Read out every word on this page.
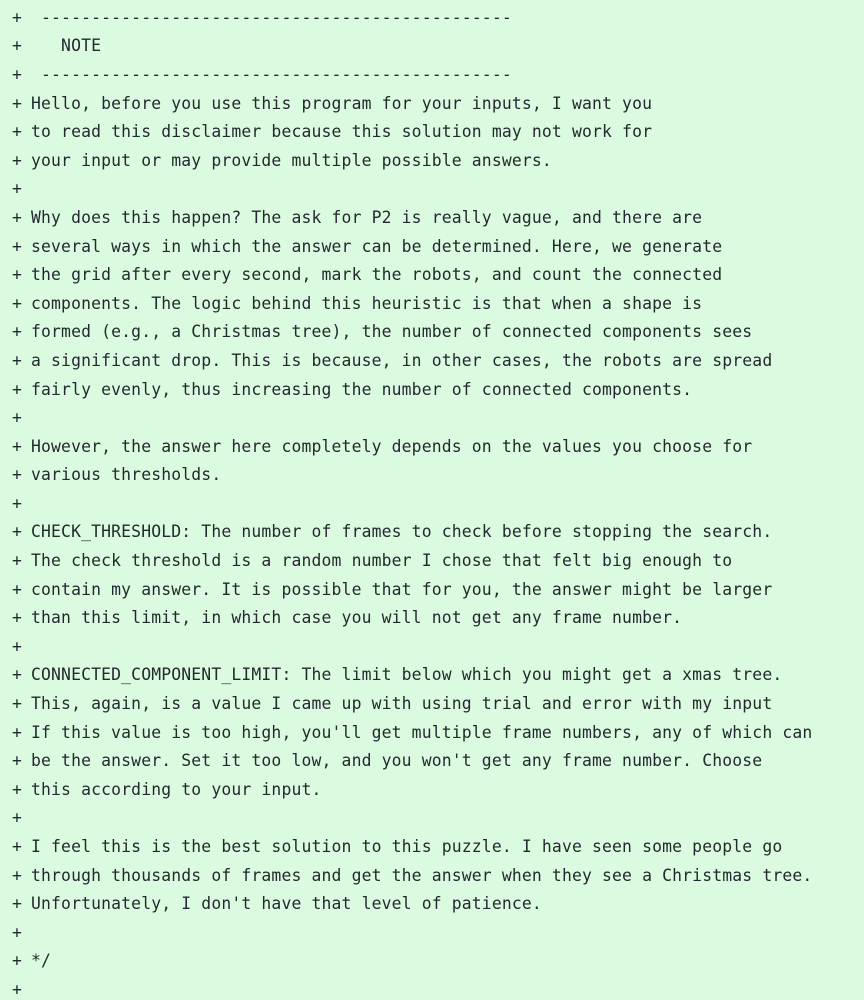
+ -----------------------------------------------
+ NOTE
+ -----------------------------------------------
+ Hello, before you use this program for your inputs, I want you
+ to read this disclaimer because this solution may not work for
+ your input or may provide multiple possible answers.
+
+ Why does this happen? The ask for P2 is really vague, and there are
+ several ways in which the answer can be determined. Here, we generate
+ the grid after every second, mark the robots, and count the connected
+ components. The logic behind this heuristic is that when a shape is
+ formed (e.g., a Christmas tree), the number of connected components sees
+ a significant drop. This is because, in other cases, the robots are spread
+ fairly evenly, thus increasing the number of connected components.
+
+ However, the answer here completely depends on the values you choose for
+ various thresholds.
+
+ CHECK_THRESHOLD: The number of frames to check before stopping the search.
+ The check threshold is a random number I chose that felt big enough to
+ contain my answer. It is possible that for you, the answer might be larger
+ than this limit, in which case you will not get any frame number.
+
+ CONNECTED_COMPONENT_LIMIT: The limit below which you might get a xmas tree.
+ This, again, is a value I came up with using trial and error with my input
+ If this value is too high, you'll get multiple frame numbers, any of which can
+ be the answer. Set it too low, and you won't get any frame number. Choose
+ this according to your input.
+
+ I feel this is the best solution to this puzzle. I have seen some people go
+ through thousands of frames and get the answer when they see a Christmas tree.
+ Unfortunately, I don't have that level of patience.
+
+ */
+
